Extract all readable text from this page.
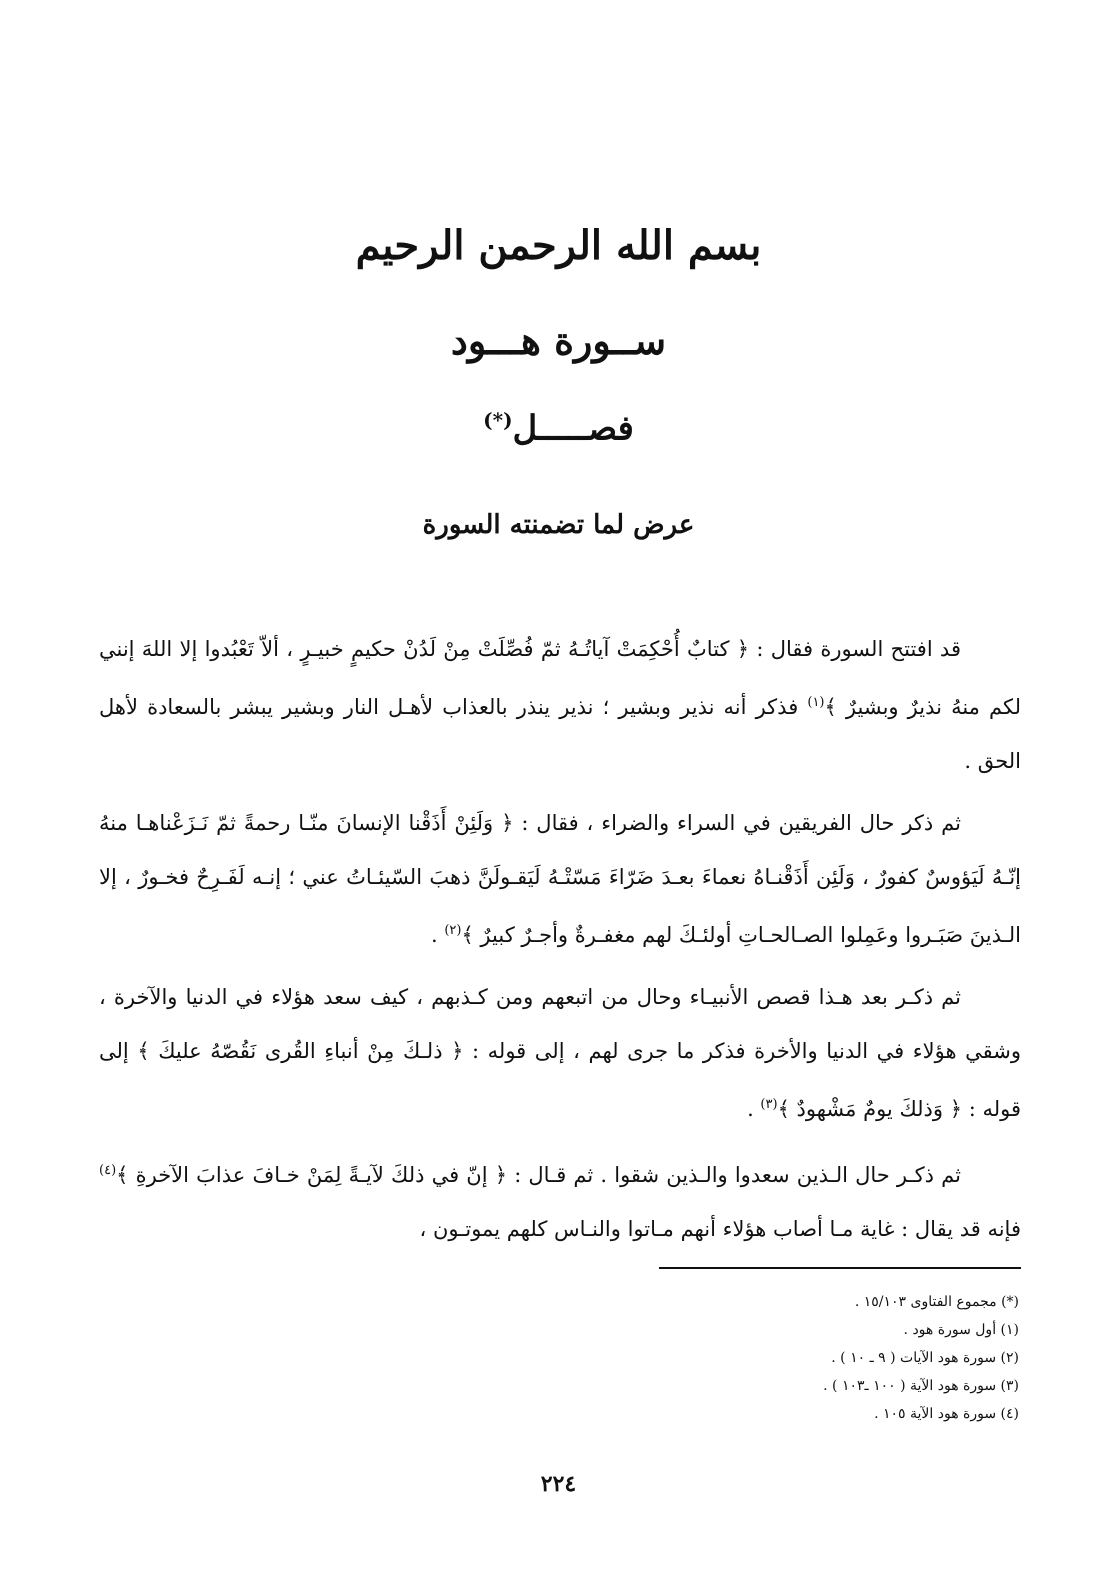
بسم الله الرحمن الرحيم
ســورة هـــود
فصـــــل(*)
عرض لما تضمنته السورة

قد افتتح السورة فقال : ﴿ كتابٌ أُحْكِمَتْ آياتُـهُ ثمّ فُصِّلَتْ مِنْ لَدُنْ حكيمٍ خبيـرٍ ، ألاّ تَعْبُدوا إلا اللهَ إنني لكم منهُ نذيرٌ وبشيرٌ ﴾$^{(١)}$ فذكر أنه نذير وبشير ؛ نذير ينذر بالعذاب لأهـل النار وبشير يبشر بالسعادة لأهل الحق .

ثم ذكر حال الفريقين في السراء والضراء ، فقال : ﴿ وَلَئِنْ أَذَقْنا الإنسانَ منّـا رحمةً ثمّ نَـزَعْناهـا منهُ إنّـهُ لَيَؤوسٌ كفورٌ ، وَلَئِن أَذَقْنـاهُ نعماءَ بعـدَ ضَرّاءَ مَسّتْـهُ لَيَقـولَنَّ ذهبَ السّيئـاتُ عني ؛ إنـه لَفَـرِحٌ فخـورٌ ، إلا الـذينَ صَبَـروا وعَمِلوا الصـالحـاتِ أولئـكَ لهم مغفـرةٌ وأجـرٌ كبيرٌ ﴾$^{(٢)}$ .

ثم ذكـر بعد هـذا قصص الأنبيـاء وحال من اتبعهم ومن كـذبهم ، كيف سعد هؤلاء في الدنيا والآخرة ، وشقي هؤلاء في الدنيا والأخرة فذكر ما جرى لهم ، إلى قوله : ﴿ ذلـكَ مِنْ أنباءِ القُرى نَقُصّهُ عليكَ ﴾ إلى قوله : ﴿ وَذلكَ يومٌ مَشْهودٌ ﴾$^{(٣)}$ .

ثم ذكـر حال الـذين سعدوا والـذين شقوا . ثم قـال : ﴿ إنّ في ذلكَ لآيـةً لِمَنْ خـافَ عذابَ الآخرةِ ﴾$^{(٤)}$ فإنه قد يقال : غاية مـا أصاب هؤلاء أنهم مـاتوا والنـاس كلهم يموتـون ،

(*) مجموع الفتاوى ١٥/١٠٣ .
(١) أول سورة هود .
(٢) سورة هود الآيات ( ٩ ـ ١٠ ) .
(٣) سورة هود الآية ( ١٠٠ ـ١٠٣ ) .
(٤) سورة هود الآية ١٠٥ .
٢٢٤
